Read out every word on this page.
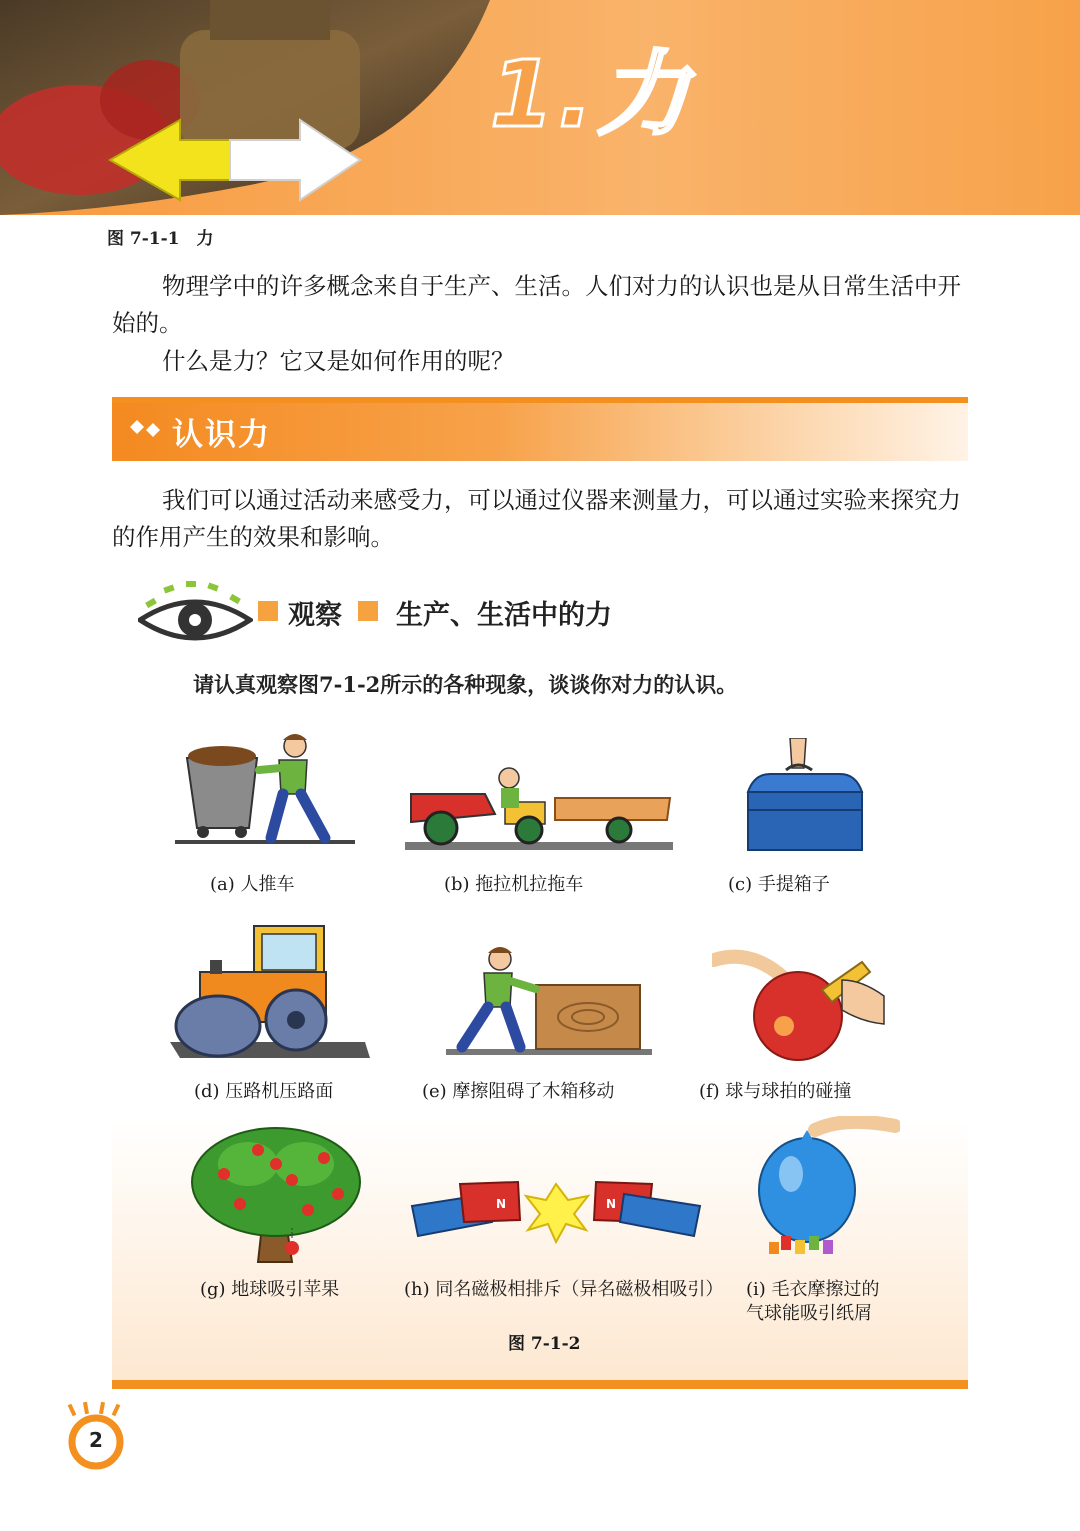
1.力
图 7-1-1　力

物理学中的许多概念来自于生产、生活。人们对力的认识也是从日常生活中开始的。

什么是力？它又是如何作用的呢？

认识力

我们可以通过活动来感受力，可以通过仪器来测量力，可以通过实验来探究力的作用产生的效果和影响。

观察 生产、生活中的力
请认真观察图7-1-2所示的各种现象，谈谈你对力的认识。
(a) 人推车	(b) 拖拉机拉拖车	(c) 手提箱子
(d) 压路机压路面	(e) 摩擦阻碍了木箱移动	(f) 球与球拍的碰撞
(g) 地球吸引苹果
N	N
(h) 同名磁极相排斥（异名磁极相吸引） (i) 毛衣摩擦过的
气球能吸引纸屑
图 7-1-2
2
